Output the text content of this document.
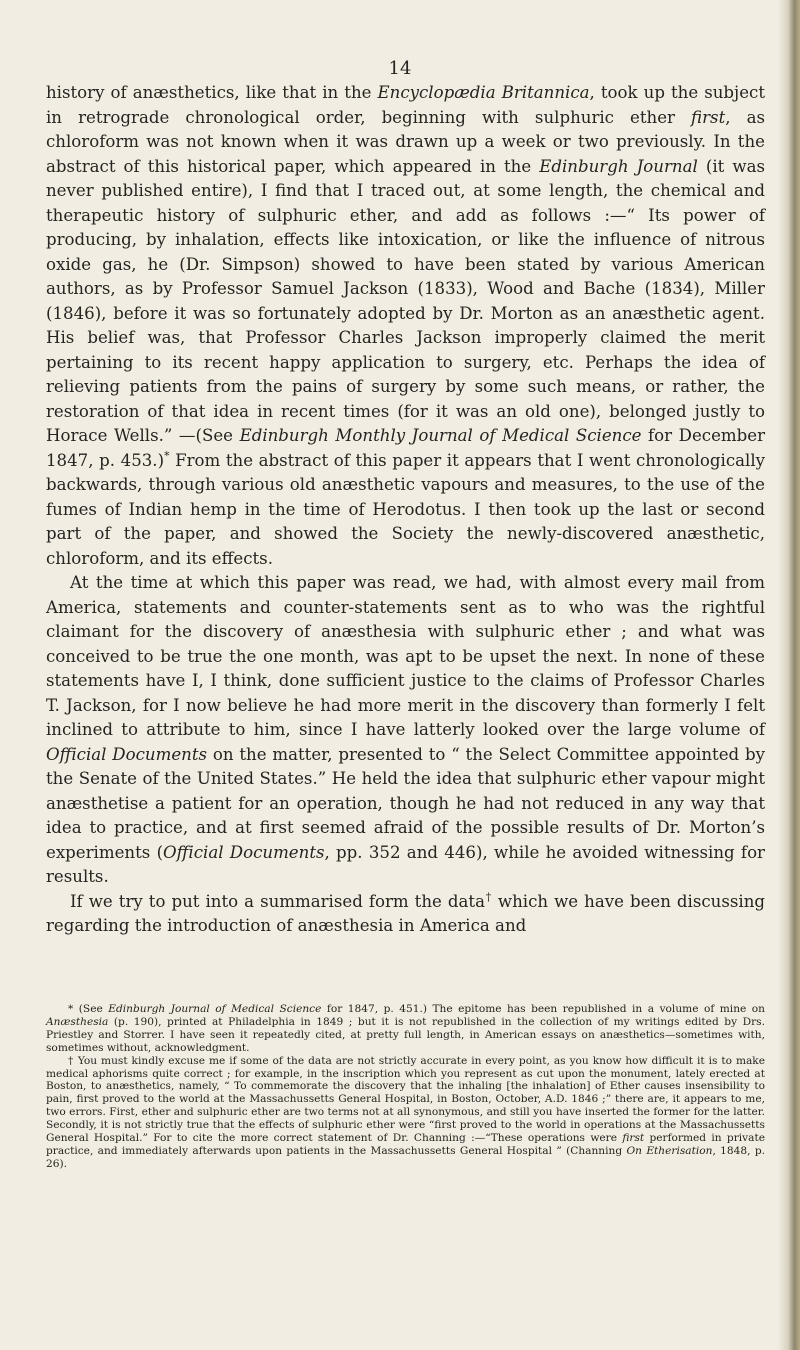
14

history of anæsthetics, like that in the Encyclopædia Britannica, took up the subject in retrograde chronological order, beginning with sulphuric ether first, as chloroform was not known when it was drawn up a week or two previously. In the abstract of this historical paper, which appeared in the Edinburgh Journal (it was never published entire), I find that I traced out, at some length, the chemical and therapeutic history of sulphuric ether, and add as follows :—“ Its power of producing, by inhalation, effects like intoxication, or like the influence of nitrous oxide gas, he (Dr. Simpson) showed to have been stated by various American authors, as by Professor Samuel Jackson (1833), Wood and Bache (1834), Miller (1846), before it was so fortunately adopted by Dr. Morton as an anæsthetic agent. His belief was, that Professor Charles Jackson improperly claimed the merit pertaining to its recent happy application to surgery, etc. Perhaps the idea of relieving patients from the pains of surgery by some such means, or rather, the restoration of that idea in recent times (for it was an old one), belonged justly to Horace Wells.” —(See Edinburgh Monthly Journal of Medical Science for December 1847, p. 453.)* From the abstract of this paper it appears that I went chronologically backwards, through various old anæsthetic vapours and measures, to the use of the fumes of Indian hemp in the time of Herodotus. I then took up the last or second part of the paper, and showed the Society the newly-discovered anæsthetic, chloroform, and its effects.

At the time at which this paper was read, we had, with almost every mail from America, statements and counter-statements sent as to who was the rightful claimant for the discovery of anæsthesia with sulphuric ether ; and what was conceived to be true the one month, was apt to be upset the next. In none of these statements have I, I think, done sufficient justice to the claims of Professor Charles T. Jackson, for I now believe he had more merit in the discovery than formerly I felt inclined to attribute to him, since I have latterly looked over the large volume of Official Documents on the matter, presented to “ the Select Committee appointed by the Senate of the United States.” He held the idea that sulphuric ether vapour might anæsthetise a patient for an operation, though he had not reduced in any way that idea to practice, and at first seemed afraid of the possible results of Dr. Morton’s experiments (Official Documents, pp. 352 and 446), while he avoided witnessing for results.

If we try to put into a summarised form the data† which we have been discussing regarding the introduction of anæsthesia in America and

* (See Edinburgh Journal of Medical Science for 1847, p. 451.) The epitome has been republished in a volume of mine on Anæsthesia (p. 190), printed at Philadelphia in 1849 ; but it is not republished in the collection of my writings edited by Drs. Priestley and Storrer. I have seen it repeatedly cited, at pretty full length, in American essays on anæsthetics—sometimes with, sometimes without, acknowledgment.

† You must kindly excuse me if some of the data are not strictly accurate in every point, as you know how difficult it is to make medical aphorisms quite correct ; for example, in the inscription which you represent as cut upon the monument, lately erected at Boston, to anæsthetics, namely, “ To commemorate the discovery that the inhaling [the inhalation] of Ether causes insensibility to pain, first proved to the world at the Massachussetts General Hospital, in Boston, October, A.D. 1846 ;” there are, it appears to me, two errors. First, ether and sulphuric ether are two terms not at all synonymous, and still you have inserted the former for the latter. Secondly, it is not strictly true that the effects of sulphuric ether were “first proved to the world in operations at the Massachussetts General Hospital.” For to cite the more correct statement of Dr. Channing :—“These operations were first performed in private practice, and immediately afterwards upon patients in the Massachussetts General Hospital ” (Channing On Etherisation, 1848, p. 26).
